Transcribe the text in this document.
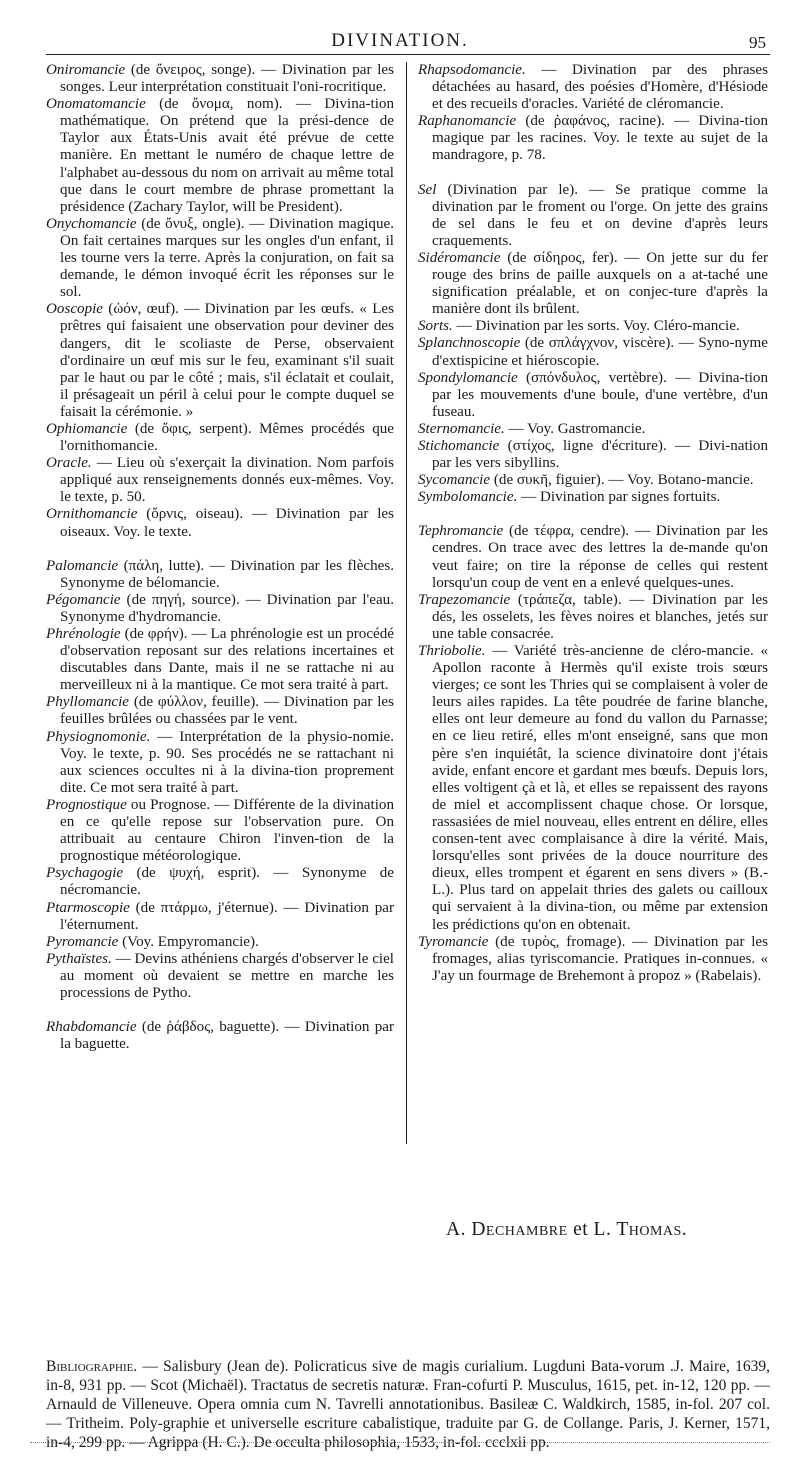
DIVINATION.	95

Oniromancie (de ὄνειρος, songe). — Divination par les songes. Leur interprétation constituait l'oni-rocritique.

Onomatomancie (de ὄνομα, nom). — Divina-tion mathématique. On prétend que la prési-dence de Taylor aux États-Unis avait été prévue de cette manière. En mettant le numéro de chaque lettre de l'alphabet au-dessous du nom on arrivait au même total que dans le court membre de phrase promettant la présidence (Zachary Taylor, will be President).

Onychomancie (de ὄνυξ, ongle). — Divination magique. On fait certaines marques sur les ongles d'un enfant, il les tourne vers la terre. Après la conjuration, on fait sa demande, le démon invoqué écrit les réponses sur le sol.

Ooscopie (ὠόν, œuf). — Divination par les œufs. « Les prêtres qui faisaient une observation pour deviner des dangers, dit le scoliaste de Perse, observaient d'ordinaire un œuf mis sur le feu, examinant s'il suait par le haut ou par le côté ; mais, s'il éclatait et coulait, il présageait un péril à celui pour le compte duquel se faisait la cérémonie. »

Ophiomancie (de ὄφις, serpent). Mêmes procédés que l'ornithomancie.

Oracle. — Lieu où s'exerçait la divination. Nom parfois appliqué aux renseignements donnés eux-mêmes. Voy. le texte, p. 50.

Ornithomancie (ὄρνις, oiseau). — Divination par les oiseaux. Voy. le texte.

Palomancie (πάλη, lutte). — Divination par les flèches. Synonyme de bélomancie.

Pégomancie (de πηγή, source). — Divination par l'eau. Synonyme d'hydromancie.

Phrénologie (de φρήν). — La phrénologie est un procédé d'observation reposant sur des relations incertaines et discutables dans Dante, mais il ne se rattache ni au merveilleux ni à la mantique. Ce mot sera traité à part.

Phyllomancie (de φύλλον, feuille). — Divination par les feuilles brûlées ou chassées par le vent.

Physiognomonie. — Interprétation de la physio-nomie. Voy. le texte, p. 90. Ses procédés ne se rattachant ni aux sciences occultes ni à la divina-tion proprement dite. Ce mot sera traité à part.

Prognostique ou Prognose. — Différente de la divination en ce qu'elle repose sur l'observation pure. On attribuait au centaure Chiron l'inven-tion de la prognostique météorologique.

Psychagogie (de ψυχή, esprit). — Synonyme de nécromancie.

Ptarmoscopie (de πτάρμω, j'éternue). — Divination par l'éternument.

Pyromancie (Voy. Empyromancie).

Pythaïstes. — Devins athéniens chargés d'observer le ciel au moment où devaient se mettre en marche les processions de Pytho.

Rhabdomancie (de ῥάβδος, baguette). — Divination par la baguette.

Rhapsodomancie. — Divination par des phrases détachées au hasard, des poésies d'Homère, d'Hésiode et des recueils d'oracles. Variété de cléromancie.

Raphanomancie (de ῥαφάνος, racine). — Divina-tion magique par les racines. Voy. le texte au sujet de la mandragore, p. 78.

Sel (Divination par le). — Se pratique comme la divination par le froment ou l'orge. On jette des grains de sel dans le feu et on devine d'après leurs craquements.

Sidéromancie (de σίδηρος, fer). — On jette sur du fer rouge des brins de paille auxquels on a at-taché une signification préalable, et on conjec-ture d'après la manière dont ils brûlent.

Sorts. — Divination par les sorts. Voy. Cléro-mancie.

Splanchnoscopie (de σπλάγχνον, viscère). — Syno-nyme d'extispicine et hiéroscopie.

Spondylomancie (σπόνδυλος, vertèbre). — Divina-tion par les mouvements d'une boule, d'une vertèbre, d'un fuseau.

Sternomancie. — Voy. Gastromancie.

Stichomancie (στίχος, ligne d'écriture). — Divi-nation par les vers sibyllins.

Sycomancie (de συκῆ, figuier). — Voy. Botano-mancie.

Symbolomancie. — Divination par signes fortuits.

Tephromancie (de τέφρα, cendre). — Divination par les cendres. On trace avec des lettres la de-mande qu'on veut faire; on tire la réponse de celles qui restent lorsqu'un coup de vent en a enlevé quelques-unes.

Trapezomancie (τράπεζα, table). — Divination par les dés, les osselets, les fèves noires et blanches, jetés sur une table consacrée.

Thriobolie. — Variété très-ancienne de cléro-mancie. « Apollon raconte à Hermès qu'il existe trois sœurs vierges; ce sont les Thries qui se complaisent à voler de leurs ailes rapides. La tête poudrée de farine blanche, elles ont leur demeure au fond du vallon du Parnasse; en ce lieu retiré, elles m'ont enseigné, sans que mon père s'en inquiétât, la science divinatoire dont j'étais avide, enfant encore et gardant mes bœufs. Depuis lors, elles voltigent çà et là, et elles se repaissent des rayons de miel et accomplissent chaque chose. Or lorsque, rassasiées de miel nouveau, elles entrent en délire, elles consen-tent avec complaisance à dire la vérité. Mais, lorsqu'elles sont privées de la douce nourriture des dieux, elles trompent et égarent en sens divers » (B.-L.). Plus tard on appelait thries des galets ou cailloux qui servaient à la divina-tion, ou même par extension les prédictions qu'on en obtenait.

Tyromancie (de τυρὸς, fromage). — Divination par les fromages, alias tyriscomancie. Pratiques in-connues. « J'ay un fourmage de Brehemont à propoz » (Rabelais).

A. Dechambre et L. Thomas.
Bibliographie. — Salisbury (Jean de). Policraticus sive de magis curialium. Lugduni Bata-vorum .J. Maire, 1639, in-8, 931 pp. — Scot (Michaël). Tractatus de secretis naturæ. Fran-cofurti P. Musculus, 1615, pet. in-12, 120 pp. — Arnauld de Villeneuve. Opera omnia cum N. Tavrelli annotationibus. Basileæ C. Waldkirch, 1585, in-fol. 207 col. — Tritheim. Poly-graphie et universelle escriture cabalistique, traduite par G. de Collange. Paris, J. Kerner, 1571, in-4, 299 pp. — Agrippa (H. C.). De occulta philosophia, 1533, in-fol. ccclxii pp.
